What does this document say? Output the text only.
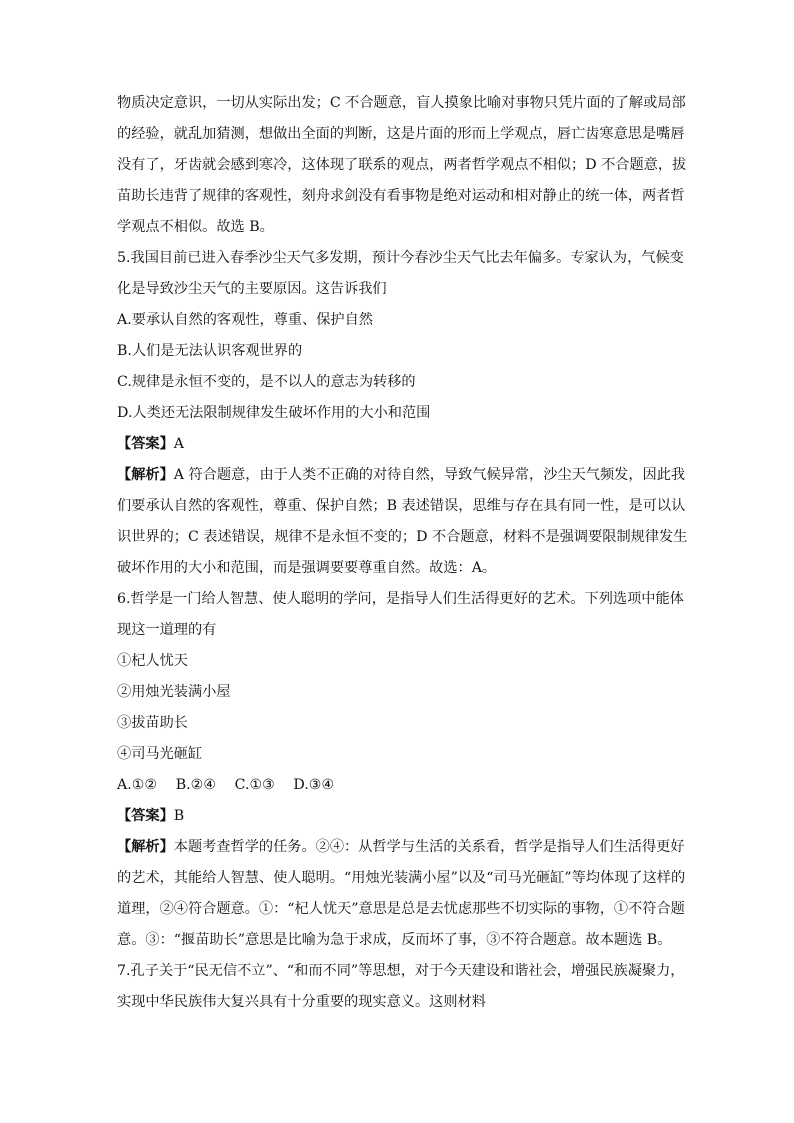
物质决定意识，一切从实际出发；C 不合题意，盲人摸象比喻对事物只凭片面的了解或局部
的经验，就乱加猜测，想做出全面的判断，这是片面的形而上学观点，唇亡齿寒意思是嘴唇
没有了，牙齿就会感到寒冷，这体现了联系的观点，两者哲学观点不相似；D 不合题意，拔
苗助长违背了规律的客观性，刻舟求剑没有看事物是绝对运动和相对静止的统一体，两者哲
学观点不相似。故选 B。
5.我国目前已进入春季沙尘天气多发期，预计今春沙尘天气比去年偏多。专家认为，气候变
化是导致沙尘天气的主要原因。这告诉我们
A.要承认自然的客观性，尊重、保护自然
B.人们是无法认识客观世界的
C.规律是永恒不变的，是不以人的意志为转移的
D.人类还无法限制规律发生破坏作用的大小和范围
【答案】A
【解析】A 符合题意，由于人类不正确的对待自然，导致气候异常，沙尘天气频发，因此我
们要承认自然的客观性，尊重、保护自然；B 表述错误，思维与存在具有同一性，是可以认
识世界的；C 表述错误，规律不是永恒不变的；D 不合题意，材料不是强调要限制规律发生
破坏作用的大小和范围，而是强调要要尊重自然。故选：A。
6.哲学是一门给人智慧、使人聪明的学问，是指导人们生活得更好的艺术。下列选项中能体
现这一道理的有
①杞人忧天
②用烛光装满小屋
③拔苗助长
④司马光砸缸
A.①② B.②④ C.①③ D.③④
【答案】B
【解析】本题考查哲学的任务。②④：从哲学与生活的关系看，哲学是指导人们生活得更好
的艺术，其能给人智慧、使人聪明。“用烛光装满小屋”以及“司马光砸缸”等均体现了这样的
道理，②④符合题意。①：“杞人忧天”意思是总是去忧虑那些不切实际的事物，①不符合题
意。③：“揠苗助长”意思是比喻为急于求成，反而坏了事，③不符合题意。故本题选 B。
7.孔子关于“民无信不立”、“和而不同”等思想，对于今天建设和谐社会，增强民族凝聚力，
实现中华民族伟大复兴具有十分重要的现实意义。这则材料
